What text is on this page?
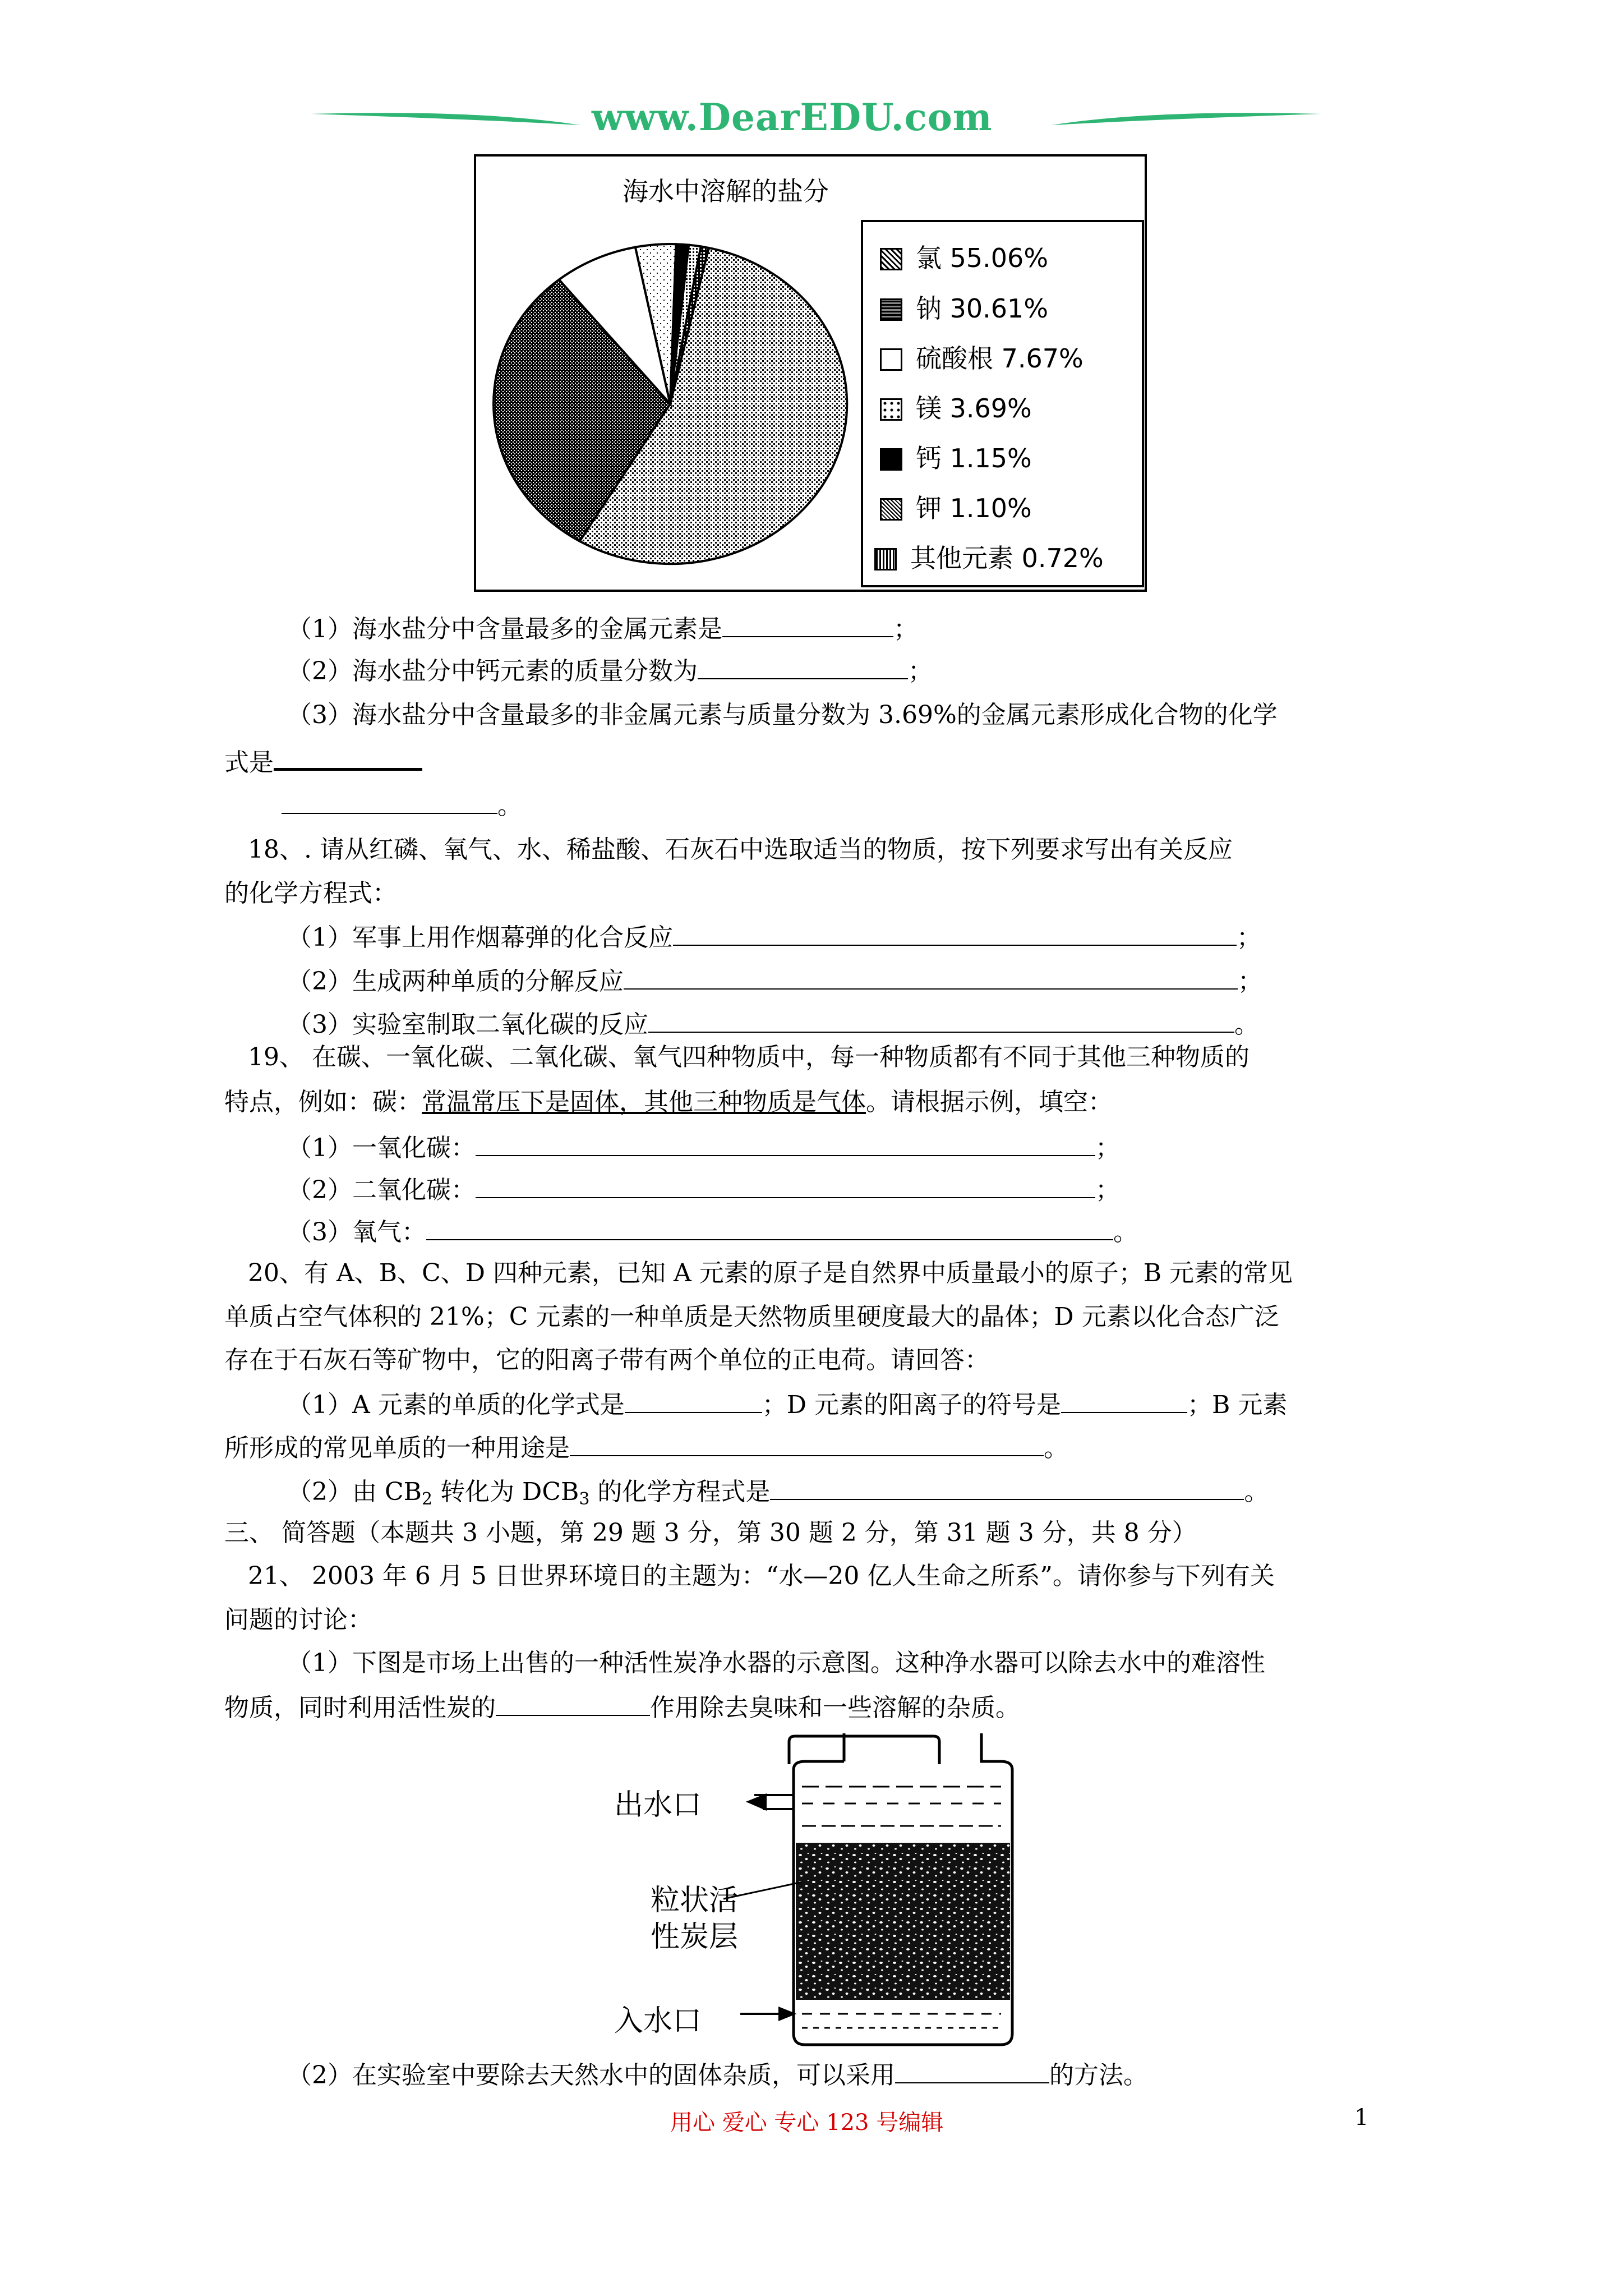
www.DearEDU.com
海水中溶解的盐分
氯 55.06%
钠 30.61%
硫酸根 7.67%
镁 3.69%
钙 1.15%
钾 1.10%
其他元素 0.72%
（1）海水盐分中含量最多的金属元素是	；
（2）海水盐分中钙元素的质量分数为	；
（3）海水盐分中含量最多的非金属元素与质量分数为 3.69%的金属元素形成化合物的化学
式是
。
18、. 请从红磷、氧气、水、稀盐酸、石灰石中选取适当的物质，按下列要求写出有关反应
的化学方程式：
（1）军事上用作烟幕弹的化合反应	；
（2）生成两种单质的分解反应	；
（3）实验室制取二氧化碳的反应	。
19、 在碳、一氧化碳、二氧化碳、氧气四种物质中，每一种物质都有不同于其他三种物质的
特点，例如：碳：常温常压下是固体，其他三种物质是气体。请根据示例，填空：
（1）一氧化碳：	；
（2）二氧化碳：	；
（3）氧气：	。
20、有 A、B、C、D 四种元素，已知 A 元素的原子是自然界中质量最小的原子；B 元素的常见
单质占空气体积的 21%；C 元素的一种单质是天然物质里硬度最大的晶体；D 元素以化合态广泛
存在于石灰石等矿物中，它的阳离子带有两个单位的正电荷。请回答：
（1）A 元素的单质的化学式是	；D 元素的阳离子的符号是	；B 元素
所形成的常见单质的一种用途是	。
（2）由 $CB_2$ 转化为 $DCB_3$ 的化学方程式是	。
三、 简答题（本题共 3 小题，第 29 题 3 分，第 30 题 2 分，第 31 题 3 分，共 8 分）
21、 2003 年 6 月 5 日世界环境日的主题为：“水—20 亿人生命之所系”。请你参与下列有关
问题的讨论：
（1）下图是市场上出售的一种活性炭净水器的示意图。这种净水器可以除去水中的难溶性
物质，同时利用活性炭的	作用除去臭味和一些溶解的杂质。
出水口
粒状活
性炭层
入水口
（2）在实验室中要除去天然水中的固体杂质，可以采用	的方法。
用心 爱心 专心 123 号编辑	1
